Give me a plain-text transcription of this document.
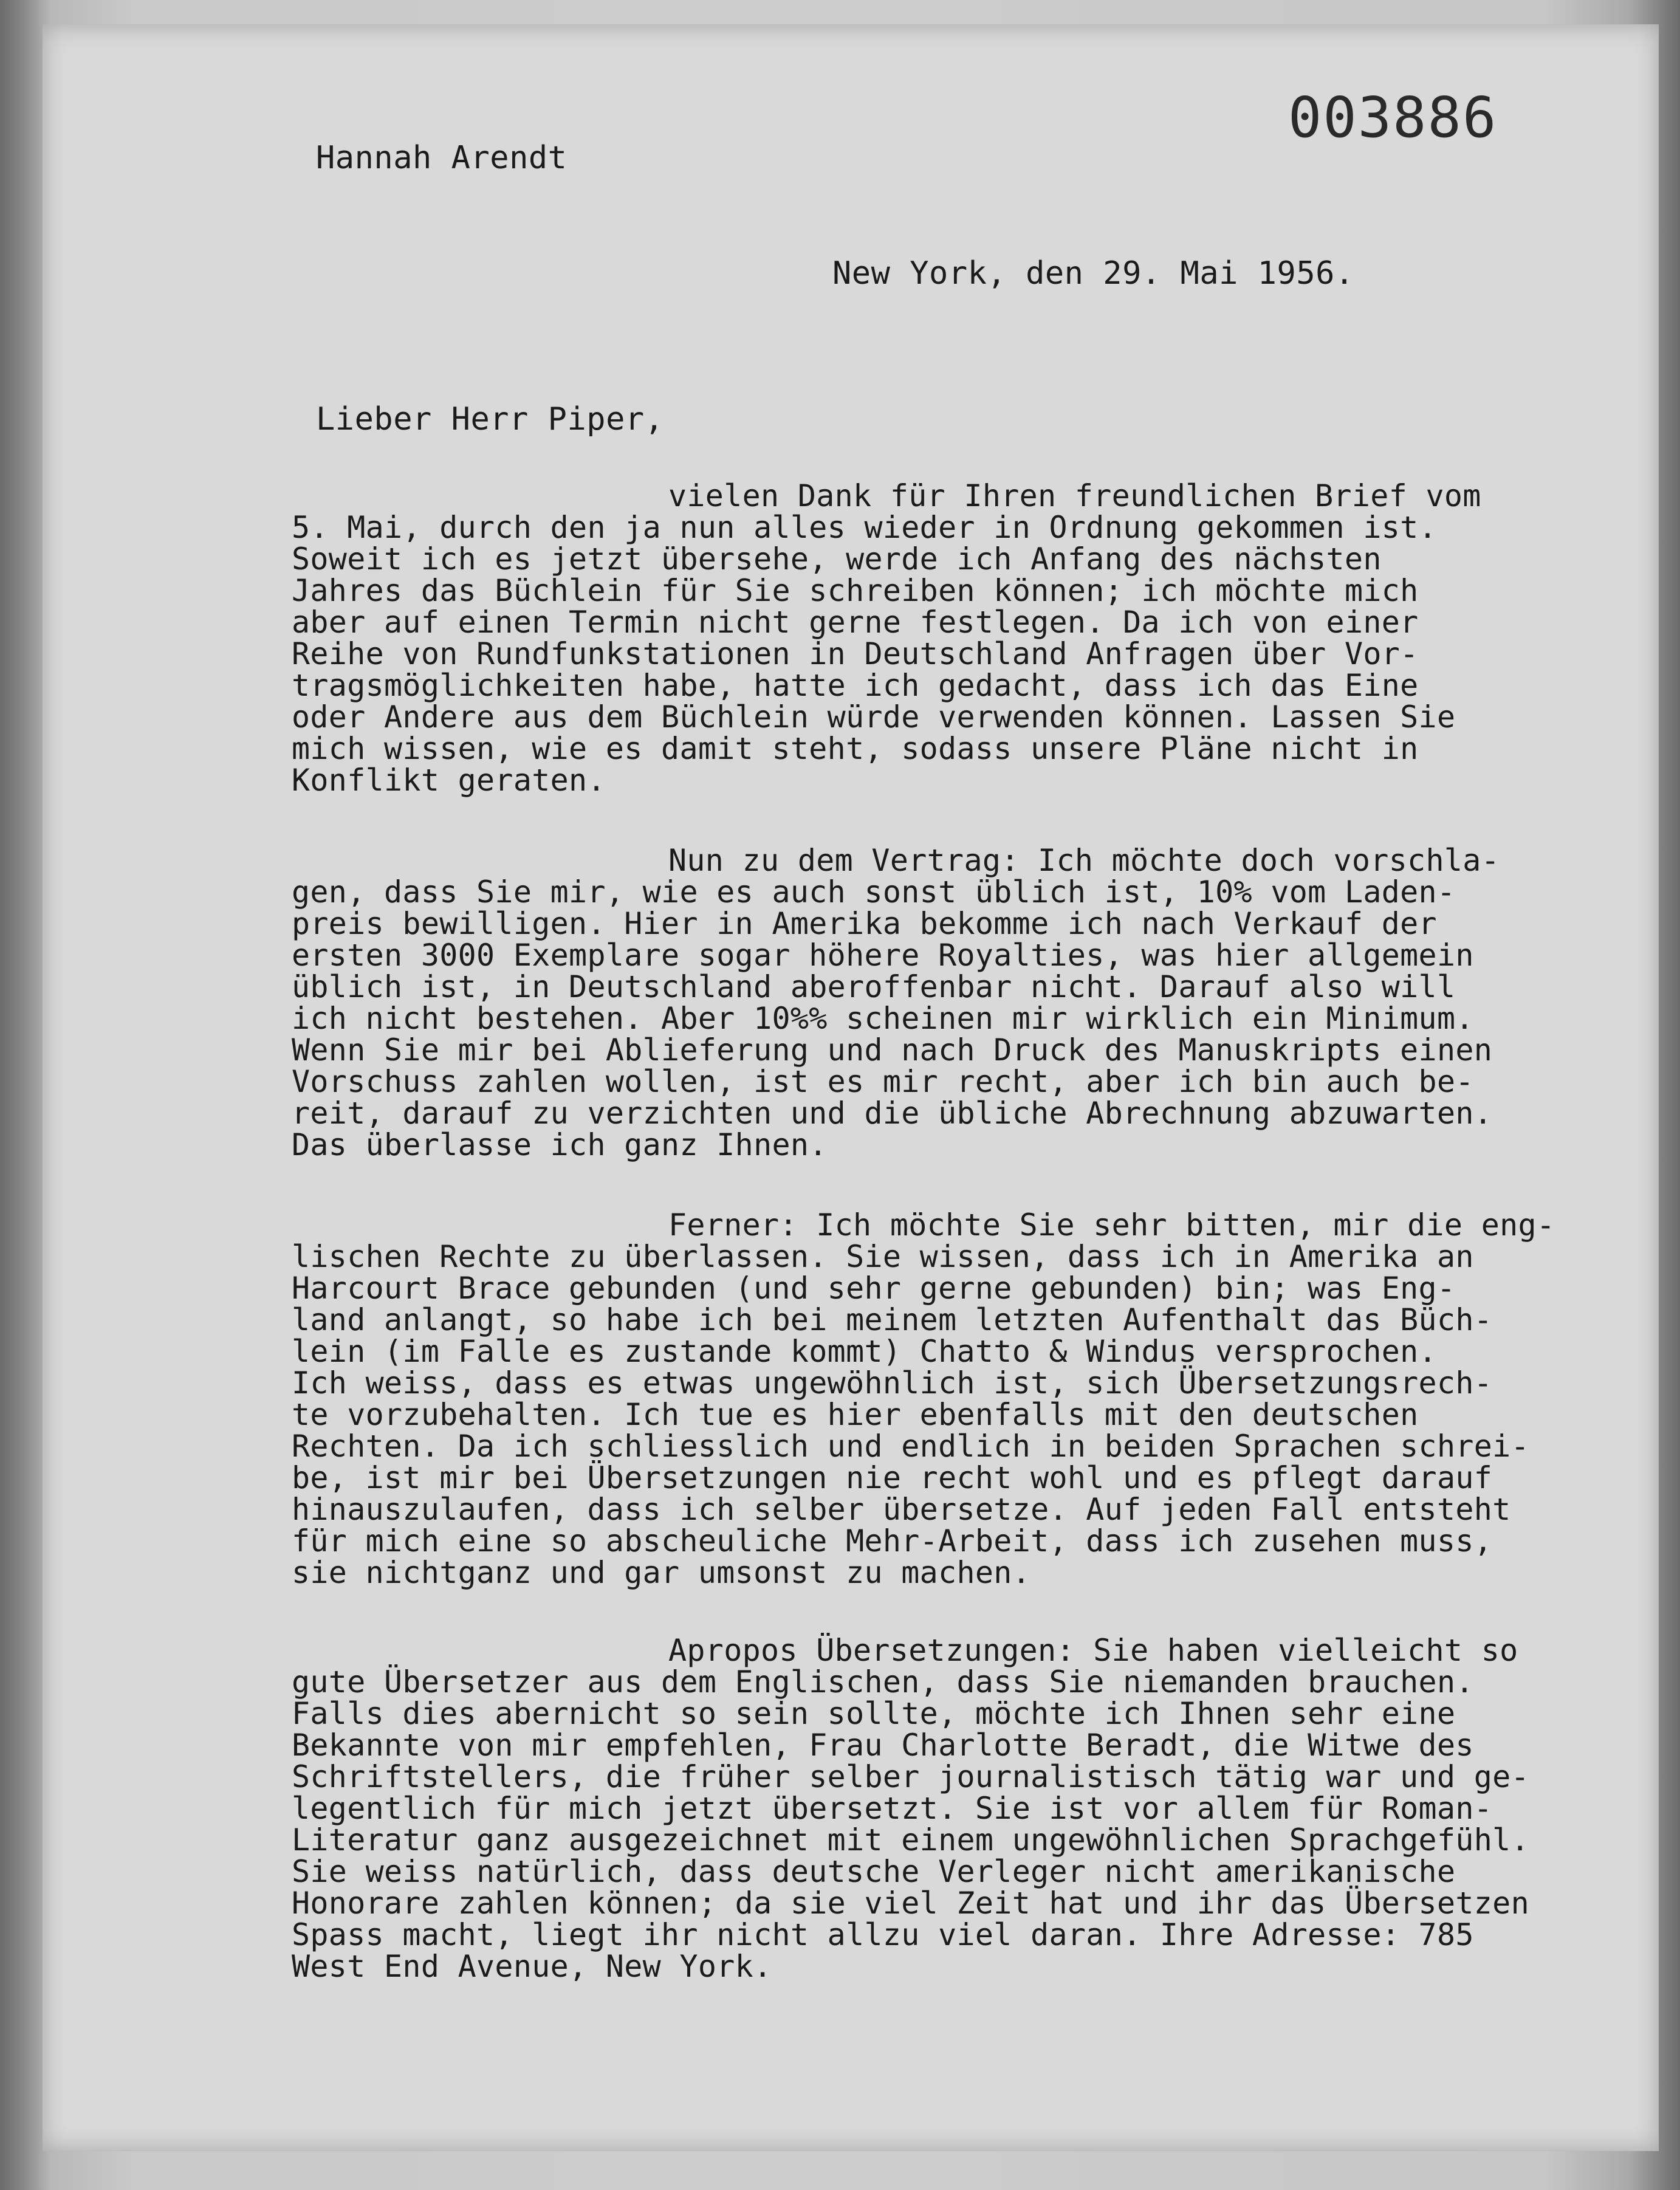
003886
Hannah Arendt
New York, den 29. Mai 1956.
Lieber Herr Piper,
vielen Dank für Ihren freundlichen Brief vom
5. Mai, durch den ja nun alles wieder in Ordnung gekommen ist.
Soweit ich es jetzt übersehe, werde ich Anfang des nächsten
Jahres das Büchlein für Sie schreiben können; ich möchte mich
aber auf einen Termin nicht gerne festlegen. Da ich von einer
Reihe von Rundfunkstationen in Deutschland Anfragen über Vor-
tragsmöglichkeiten habe, hatte ich gedacht, dass ich das Eine
oder Andere aus dem Büchlein würde verwenden können. Lassen Sie
mich wissen, wie es damit steht, sodass unsere Pläne nicht in
Konflikt geraten.
Nun zu dem Vertrag: Ich möchte doch vorschla-
gen, dass Sie mir, wie es auch sonst üblich ist, 10% vom Laden-
preis bewilligen. Hier in Amerika bekomme ich nach Verkauf der
ersten 3000 Exemplare sogar höhere Royalties, was hier allgemein
üblich ist, in Deutschland aberoffenbar nicht. Darauf also will
ich nicht bestehen. Aber 10%% scheinen mir wirklich ein Minimum.
Wenn Sie mir bei Ablieferung und nach Druck des Manuskripts einen
Vorschuss zahlen wollen, ist es mir recht, aber ich bin auch be-
reit, darauf zu verzichten und die übliche Abrechnung abzuwarten.
Das überlasse ich ganz Ihnen.
Ferner: Ich möchte Sie sehr bitten, mir die eng-
lischen Rechte zu überlassen. Sie wissen, dass ich in Amerika an
Harcourt Brace gebunden (und sehr gerne gebunden) bin; was Eng-
land anlangt, so habe ich bei meinem letzten Aufenthalt das Büch-
lein (im Falle es zustande kommt) Chatto & Windus versprochen.
Ich weiss, dass es etwas ungewöhnlich ist, sich Übersetzungsrech-
te vorzubehalten. Ich tue es hier ebenfalls mit den deutschen
Rechten. Da ich schliesslich und endlich in beiden Sprachen schrei-
be, ist mir bei Übersetzungen nie recht wohl und es pflegt darauf
hinauszulaufen, dass ich selber übersetze. Auf jeden Fall entsteht
für mich eine so abscheuliche Mehr-Arbeit, dass ich zusehen muss,
sie nichtganz und gar umsonst zu machen.
Apropos Übersetzungen: Sie haben vielleicht so
gute Übersetzer aus dem Englischen, dass Sie niemanden brauchen.
Falls dies abernicht so sein sollte, möchte ich Ihnen sehr eine
Bekannte von mir empfehlen, Frau Charlotte Beradt, die Witwe des
Schriftstellers, die früher selber journalistisch tätig war und ge-
legentlich für mich jetzt übersetzt. Sie ist vor allem für Roman-
Literatur ganz ausgezeichnet mit einem ungewöhnlichen Sprachgefühl.
Sie weiss natürlich, dass deutsche Verleger nicht amerikanische
Honorare zahlen können; da sie viel Zeit hat und ihr das Übersetzen
Spass macht, liegt ihr nicht allzu viel daran. Ihre Adresse: 785
West End Avenue, New York.
